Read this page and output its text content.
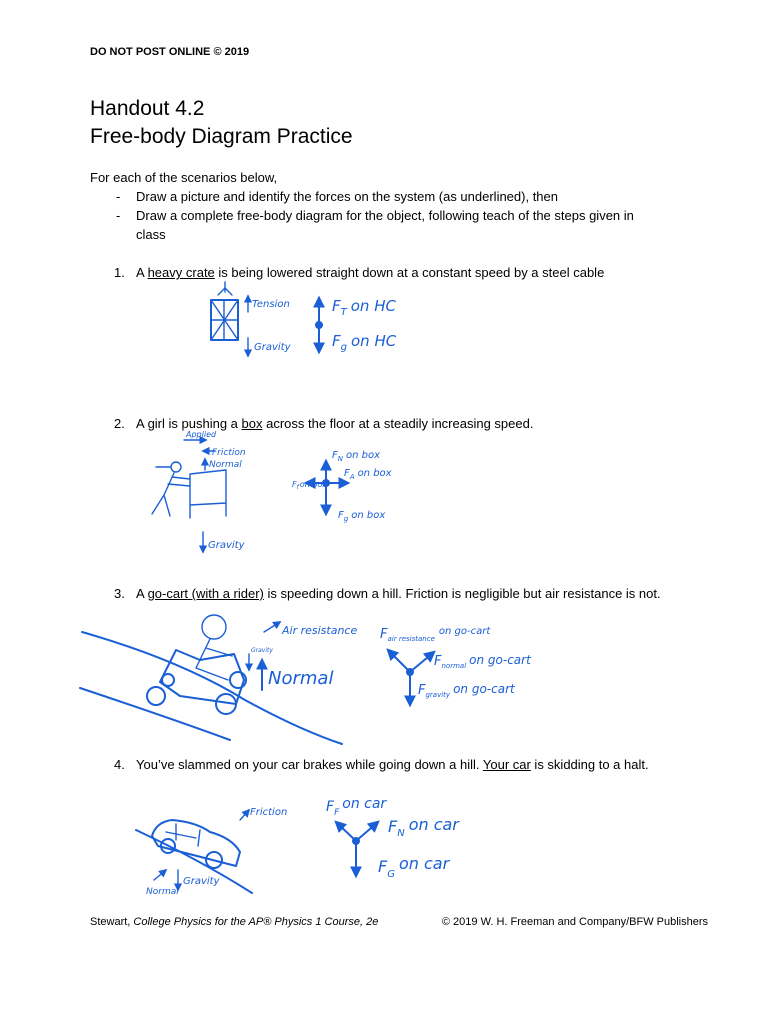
DO NOT POST ONLINE © 2019
Handout 4.2
Free-body Diagram Practice
For each of the scenarios below,
- Draw a picture and identify the forces on the system (as underlined), then
- Draw a complete free-body diagram for the object, following teach of the steps given in class
1. A heavy crate is being lowered straight down at a constant speed by a steel cable
2. A girl is pushing a box across the floor at a steadily increasing speed.
3. A go-cart (with a rider) is speeding down a hill. Friction is negligible but air resistance is not.
4. You’ve slammed on your car brakes while going down a hill. Your car is skidding to a halt.
Tension
Gravity
$F_T$ on HC
$F_g$ on HC
Applied
Friction
Normal
Gravity
$F_N$ on box
$F_A$ on box
$F_fon$ box
$F_g$ on box
Air resistance
Normal
Gravity
$F_{air resistance}^{on go-cart}$
$F_{normal}$ on go-cart
$F_{gravity}$ on go-cart
Friction
Gravity
Normal
$F_Fon$ car
$F_N$ on car
$F_Gon$ car
Stewart, College Physics for the AP® Physics 1 Course, 2e	© 2019 W. H. Freeman and Company/BFW Publishers
